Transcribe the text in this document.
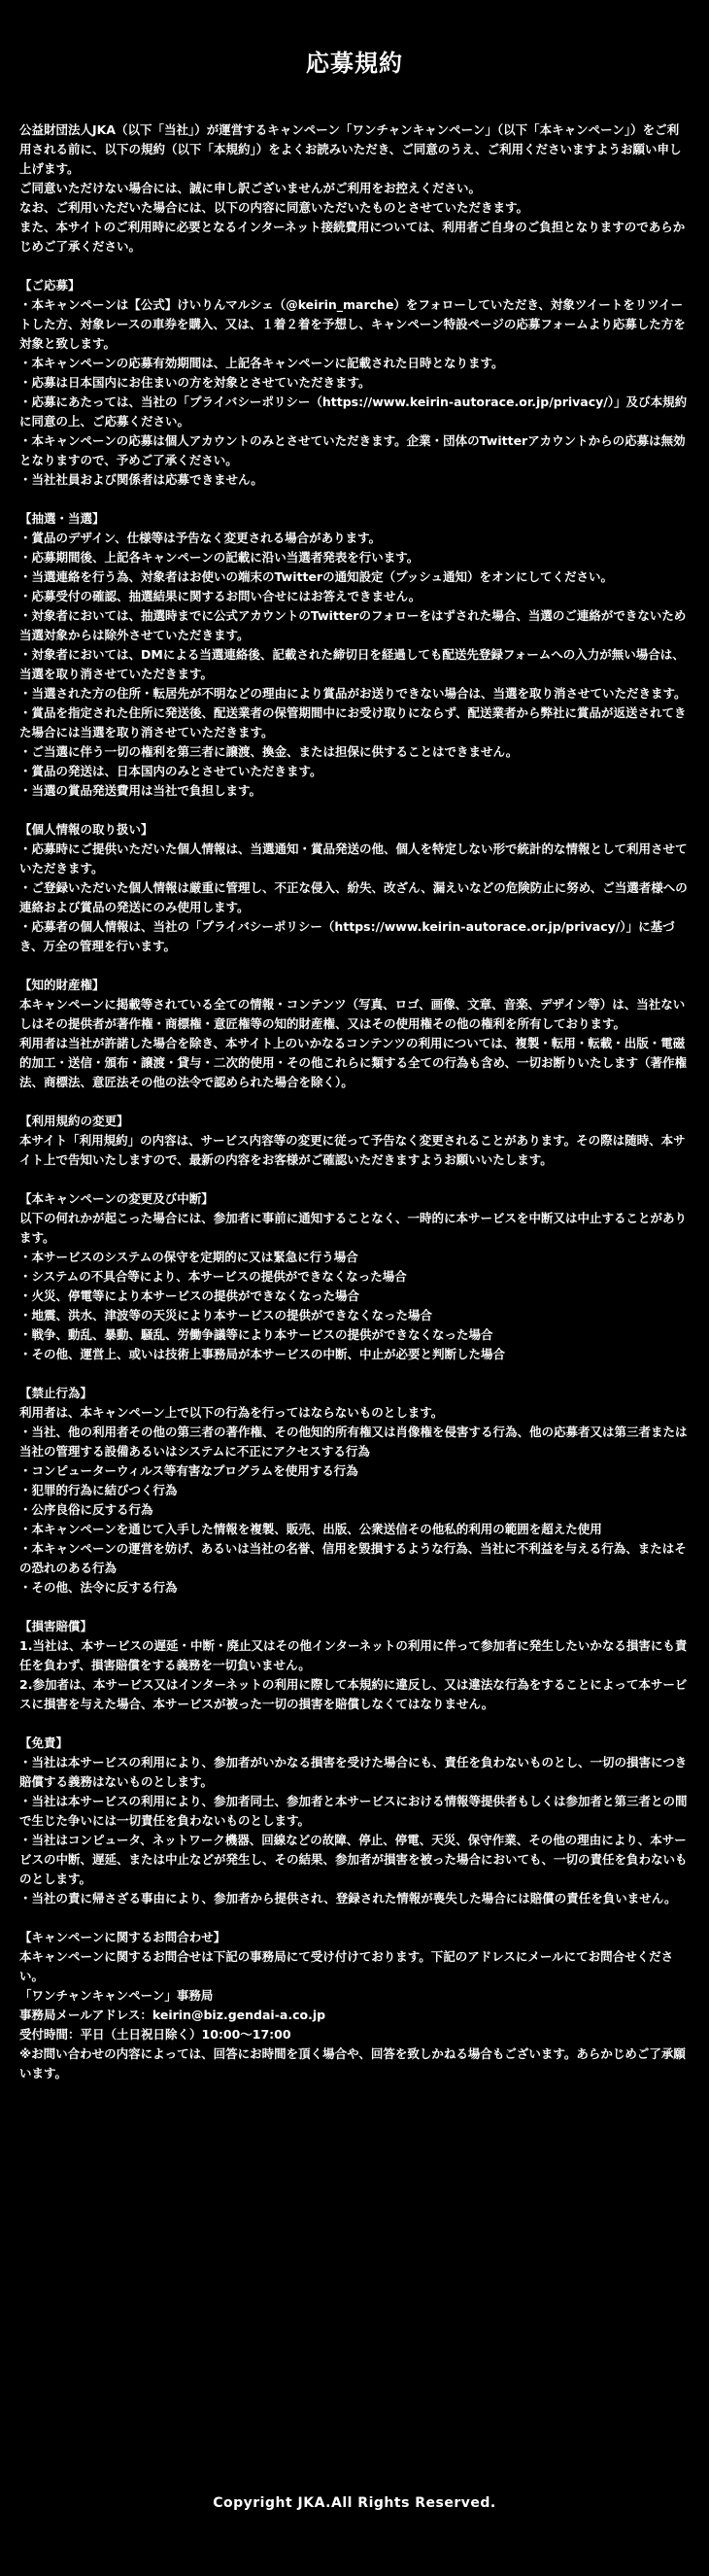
応募規約

公益財団法人JKA（以下「当社」）が運営するキャンペーン「ワンチャンキャンペーン」（以下「本キャンペーン」）をご利用される前に、以下の規約（以下「本規約」）をよくお読みいただき、ご同意のうえ、ご利用くださいますようお願い申し上げます。

ご同意いただけない場合には、誠に申し訳ございませんがご利用をお控えください。

なお、ご利用いただいた場合には、以下の内容に同意いただいたものとさせていただきます。

また、本サイトのご利用時に必要となるインターネット接続費用については、利用者ご自身のご負担となりますのであらかじめご了承ください。

【ご応募】

・本キャンペーンは【公式】けいりんマルシェ（@keirin_marche）をフォローしていただき、対象ツイートをリツイートした方、対象レースの車券を購入、又は、１着２着を予想し、キャンペーン特設ページの応募フォームより応募した方を対象と致します。

・本キャンペーンの応募有効期間は、上記各キャンペーンに記載された日時となります。

・応募は日本国内にお住まいの方を対象とさせていただきます。

・応募にあたっては、当社の「プライバシーポリシー（https://www.keirin-autorace.or.jp/privacy/）」及び本規約に同意の上、ご応募ください。

・本キャンペーンの応募は個人アカウントのみとさせていただきます。企業・団体のTwitterアカウントからの応募は無効となりますので、予めご了承ください。

・当社社員および関係者は応募できません。

【抽選・当選】

・賞品のデザイン、仕様等は予告なく変更される場合があります。

・応募期間後、上記各キャンペーンの記載に沿い当選者発表を行います。

・当選連絡を行う為、対象者はお使いの端末のTwitterの通知設定（プッシュ通知）をオンにしてください。

・応募受付の確認、抽選結果に関するお問い合せにはお答えできません。

・対象者においては、抽選時までに公式アカウントのTwitterのフォローをはずされた場合、当選のご連絡ができないため当選対象からは除外させていただきます。

・対象者においては、DMによる当選連絡後、記載された締切日を経過しても配送先登録フォームへの入力が無い場合は、当選を取り消させていただきます。

・当選された方の住所・転居先が不明などの理由により賞品がお送りできない場合は、当選を取り消させていただきます。

・賞品を指定された住所に発送後、配送業者の保管期間中にお受け取りにならず、配送業者から弊社に賞品が返送されてきた場合には当選を取り消させていただきます。

・ご当選に伴う一切の権利を第三者に譲渡、換金、または担保に供することはできません。

・賞品の発送は、日本国内のみとさせていただきます。

・当選の賞品発送費用は当社で負担します。

【個人情報の取り扱い】

・応募時にご提供いただいた個人情報は、当選通知・賞品発送の他、個人を特定しない形で統計的な情報として利用させていただきます。

・ご登録いただいた個人情報は厳重に管理し、不正な侵入、紛失、改ざん、漏えいなどの危険防止に努め、ご当選者様への連絡および賞品の発送にのみ使用します。

・応募者の個人情報は、当社の「プライバシーポリシー（https://www.keirin-autorace.or.jp/privacy/）」に基づき、万全の管理を行います。

【知的財産権】

本キャンペーンに掲載等されている全ての情報・コンテンツ（写真、ロゴ、画像、文章、音楽、デザイン等）は、当社ないしはその提供者が著作権・商標権・意匠権等の知的財産権、又はその使用権その他の権利を所有しております。

利用者は当社が許諾した場合を除き、本サイト上のいかなるコンテンツの利用については、複製・転用・転載・出版・電磁的加工・送信・頒布・譲渡・貸与・二次的使用・その他これらに類する全ての行為も含め、一切お断りいたします（著作権法、商標法、意匠法その他の法令で認められた場合を除く）。

【利用規約の変更】

本サイト「利用規約」の内容は、サービス内容等の変更に従って予告なく変更されることがあります。その際は随時、本サイト上で告知いたしますので、最新の内容をお客様がご確認いただきますようお願いいたします。

【本キャンペーンの変更及び中断】

以下の何れかが起こった場合には、参加者に事前に通知することなく、一時的に本サービスを中断又は中止することがあります。

・本サービスのシステムの保守を定期的に又は緊急に行う場合

・システムの不具合等により、本サービスの提供ができなくなった場合

・火災、停電等により本サービスの提供ができなくなった場合

・地震、洪水、津波等の天災により本サービスの提供ができなくなった場合

・戦争、動乱、暴動、騒乱、労働争議等により本サービスの提供ができなくなった場合

・その他、運営上、或いは技術上事務局が本サービスの中断、中止が必要と判断した場合

【禁止行為】

利用者は、本キャンペーン上で以下の行為を行ってはならないものとします。

・当社、他の利用者その他の第三者の著作権、その他知的所有権又は肖像権を侵害する行為、他の応募者又は第三者または当社の管理する設備あるいはシステムに不正にアクセスする行為

・コンピューターウィルス等有害なプログラムを使用する行為

・犯罪的行為に結びつく行為

・公序良俗に反する行為

・本キャンペーンを通じて入手した情報を複製、販売、出版、公衆送信その他私的利用の範囲を超えた使用

・本キャンペーンの運営を妨げ、あるいは当社の名誉、信用を毀損するような行為、当社に不利益を与える行為、またはその恐れのある行為

・その他、法令に反する行為

【損害賠償】

1.当社は、本サービスの遅延・中断・廃止又はその他インターネットの利用に伴って参加者に発生したいかなる損害にも責任を負わず、損害賠償をする義務を一切負いません。

2.参加者は、本サービス又はインターネットの利用に際して本規約に違反し、又は違法な行為をすることによって本サービスに損害を与えた場合、本サービスが被った一切の損害を賠償しなくてはなりません。

【免責】

・当社は本サービスの利用により、参加者がいかなる損害を受けた場合にも、責任を負わないものとし、一切の損害につき賠償する義務はないものとします。

・当社は本サービスの利用により、参加者同士、参加者と本サービスにおける情報等提供者もしくは参加者と第三者との間で生じた争いには一切責任を負わないものとします。

・当社はコンピュータ、ネットワーク機器、回線などの故障、停止、停電、天災、保守作業、その他の理由により、本サービスの中断、遅延、または中止などが発生し、その結果、参加者が損害を被った場合においても、一切の責任を負わないものとします。

・当社の責に帰さざる事由により、参加者から提供され、登録された情報が喪失した場合には賠償の責任を負いません。

【キャンペーンに関するお問合わせ】

本キャンペーンに関するお問合せは下記の事務局にて受け付けております。下記のアドレスにメールにてお問合せください。

「ワンチャンキャンペーン」事務局

事務局メールアドレス：keirin@biz.gendai-a.co.jp

受付時間：平日（土日祝日除く）10:00～17:00

※お問い合わせの内容によっては、回答にお時間を頂く場合や、回答を致しかねる場合もございます。あらかじめご了承願います。

Copyright JKA.All Rights Reserved.
